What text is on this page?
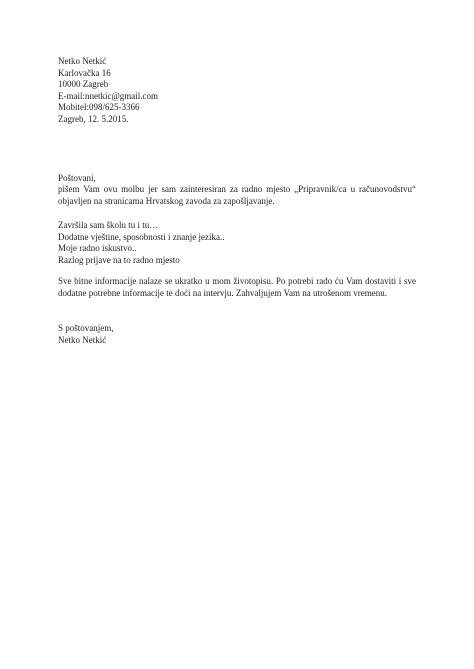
Netko Netkić
Karlovačka 16
10000 Zagreb
E-mail:nnetkic@gmail.com
Mobitel:098/625-3366
Zagreb, 12. 5.2015.
Poštovani,
pišem Vam ovu molbu jer sam zainteresiran za radno mjesto „Pripravnik/ca u računovodstvu“
objavljen na stranicama Hrvatskog zavoda za zapošljavanje.
Završila sam školu tu i tu…
Dodatne vještine, sposobnosti i znanje jezika..
Moje radno iskustvo..
Razlog prijave na to radno mjesto
Sve bitne informacije nalaze se ukratko u mom životopisu. Po potrebi rado ću Vam dostaviti i sve
dodatne potrebne informacije te doći na intervju. Zahvaljujem Vam na utrošenom vremenu.
S poštovanjem,
Netko Netkić
